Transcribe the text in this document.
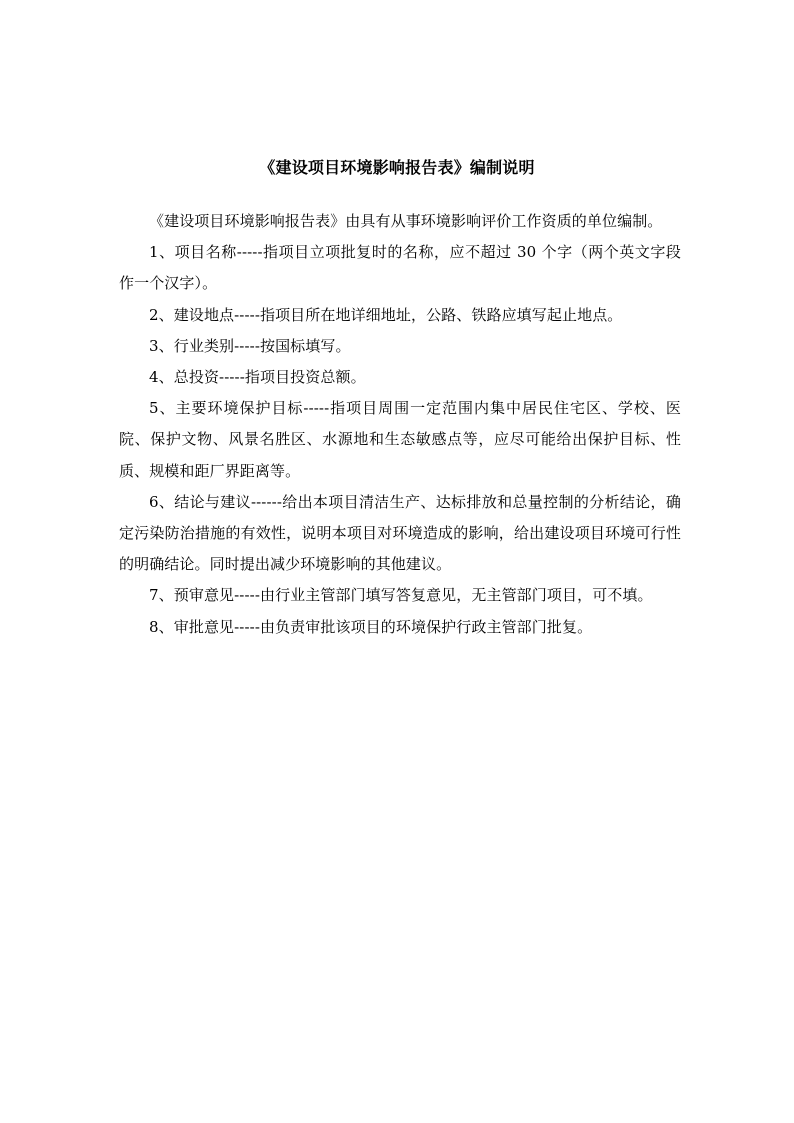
《建设项目环境影响报告表》编制说明

《建设项目环境影响报告表》由具有从事环境影响评价工作资质的单位编制。

1、项目名称-----指项目立项批复时的名称，应不超过 30 个字（两个英文字段作一个汉字）。

2、建设地点-----指项目所在地详细地址，公路、铁路应填写起止地点。

3、行业类别-----按国标填写。

4、总投资-----指项目投资总额。

5、主要环境保护目标-----指项目周围一定范围内集中居民住宅区、学校、医院、保护文物、风景名胜区、水源地和生态敏感点等，应尽可能给出保护目标、性质、规模和距厂界距离等。

6、结论与建议------给出本项目清洁生产、达标排放和总量控制的分析结论，确定污染防治措施的有效性，说明本项目对环境造成的影响，给出建设项目环境可行性的明确结论。同时提出减少环境影响的其他建议。

7、预审意见-----由行业主管部门填写答复意见，无主管部门项目，可不填。

8、审批意见-----由负责审批该项目的环境保护行政主管部门批复。
